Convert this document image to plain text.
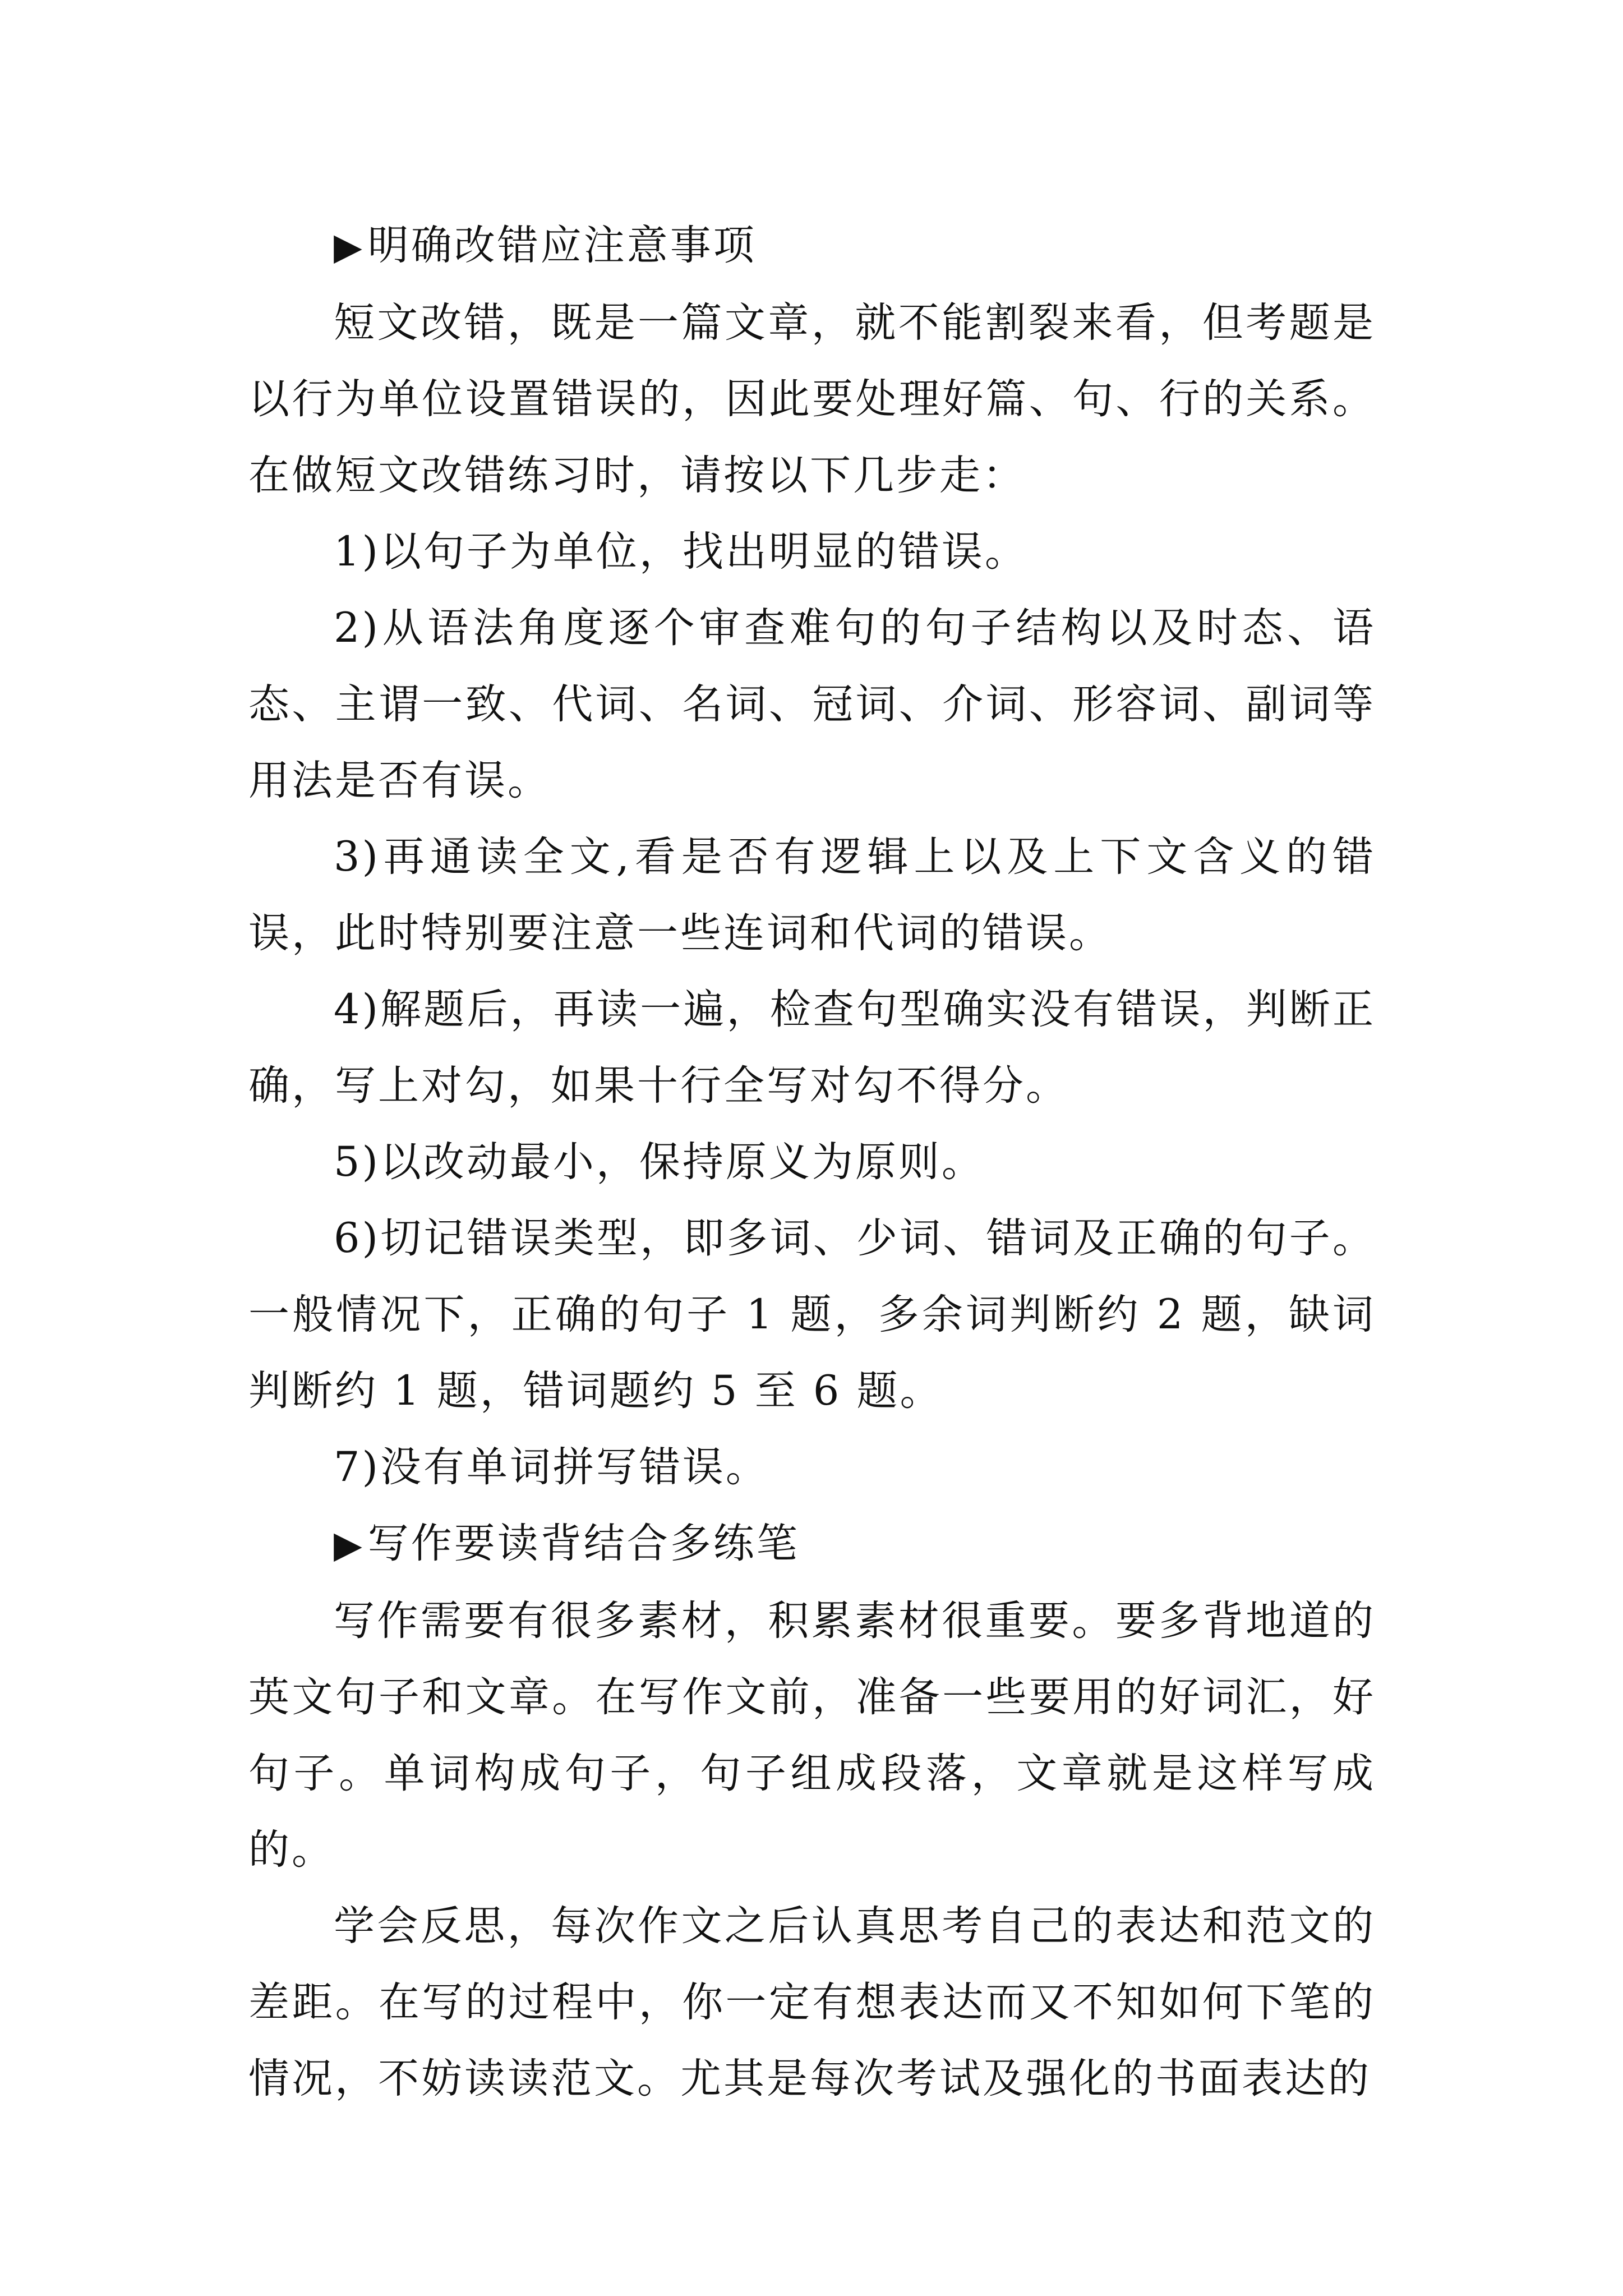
▶明确改错应注意事项

短文改错，既是一篇文章，就不能割裂来看，但考题是以行为单位设置错误的，因此要处理好篇、句、行的关系。在做短文改错练习时，请按以下几步走：

1)以句子为单位，找出明显的错误。

2)从语法角度逐个审查难句的句子结构以及时态、语态、主谓一致、代词、名词、冠词、介词、形容词、副词等用法是否有误。

3)再通读全文,看是否有逻辑上以及上下文含义的错误，此时特别要注意一些连词和代词的错误。

4)解题后，再读一遍，检查句型确实没有错误，判断正确，写上对勾，如果十行全写对勾不得分。

5)以改动最小，保持原义为原则。

6)切记错误类型，即多词、少词、错词及正确的句子。一般情况下，正确的句子 1 题，多余词判断约 2 题，缺词判断约 1 题，错词题约 5 至 6 题。

7)没有单词拼写错误。

▶写作要读背结合多练笔

写作需要有很多素材，积累素材很重要。要多背地道的英文句子和文章。在写作文前，准备一些要用的好词汇，好句子。单词构成句子，句子组成段落，文章就是这样写成的。

学会反思，每次作文之后认真思考自己的表达和范文的差距。在写的过程中，你一定有想表达而又不知如何下笔的情况，不妨读读范文。尤其是每次考试及强化的书面表达的
